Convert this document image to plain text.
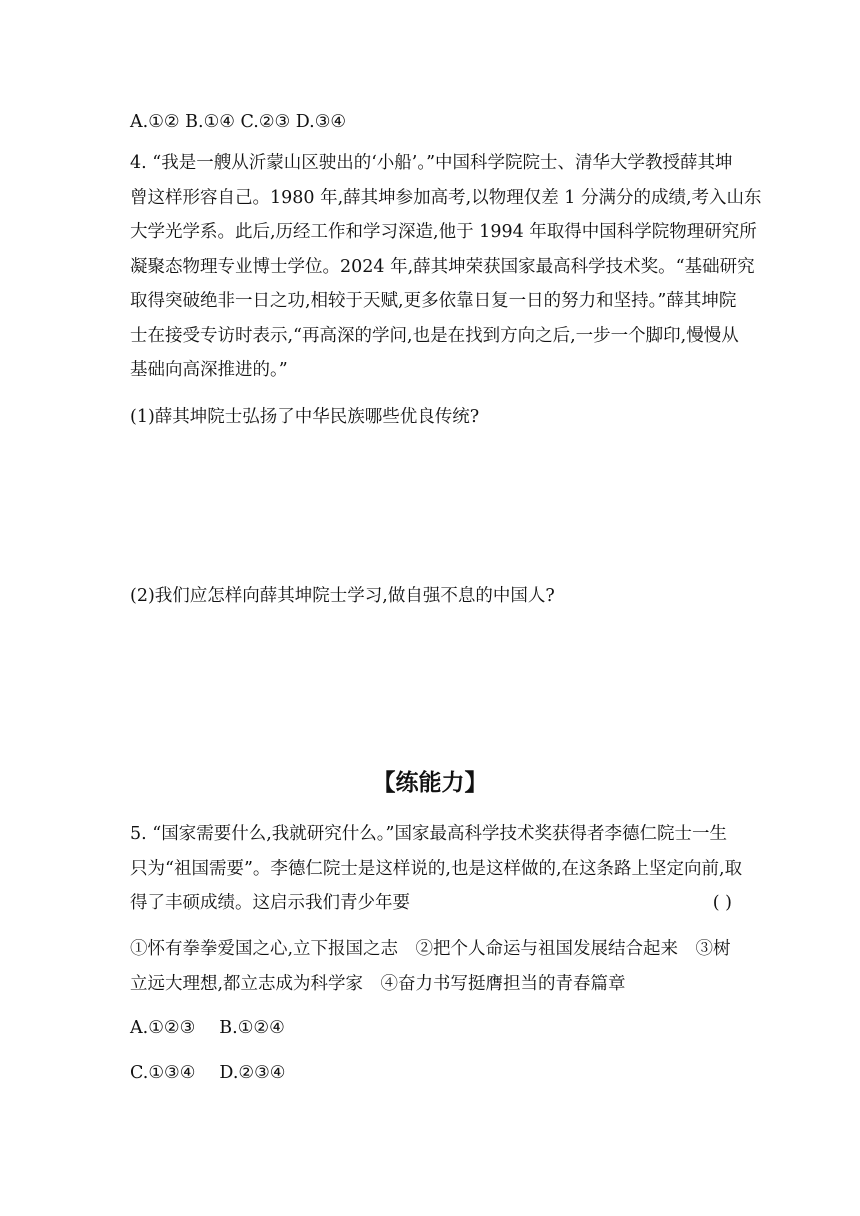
A.①② B.①④ C.②③ D.③④
4. “我是一艘从沂蒙山区驶出的‘小船’。”中国科学院院士、清华大学教授薛其坤
曾这样形容自己。1980 年,薛其坤参加高考,以物理仅差 1 分满分的成绩,考入山东
大学光学系。此后,历经工作和学习深造,他于 1994 年取得中国科学院物理研究所
凝聚态物理专业博士学位。2024 年,薛其坤荣获国家最高科学技术奖。“基础研究
取得突破绝非一日之功,相较于天赋,更多依靠日复一日的努力和坚持。”薛其坤院
士在接受专访时表示,“再高深的学问,也是在找到方向之后,一步一个脚印,慢慢从
基础向高深推进的。”
(1)薛其坤院士弘扬了中华民族哪些优良传统?
(2)我们应怎样向薛其坤院士学习,做自强不息的中国人?
【练能力】
5. “国家需要什么,我就研究什么。”国家最高科学技术奖获得者李德仁院士一生
只为“祖国需要”。李德仁院士是这样说的,也是这样做的,在这条路上坚定向前,取
得了丰硕成绩。这启示我们青少年要	( )
①怀有拳拳爱国之心,立下报国之志　②把个人命运与祖国发展结合起来　③树
立远大理想,都立志成为科学家　④奋力书写挺膺担当的青春篇章
A.①②③ B.①②④
C.①③④ D.②③④
